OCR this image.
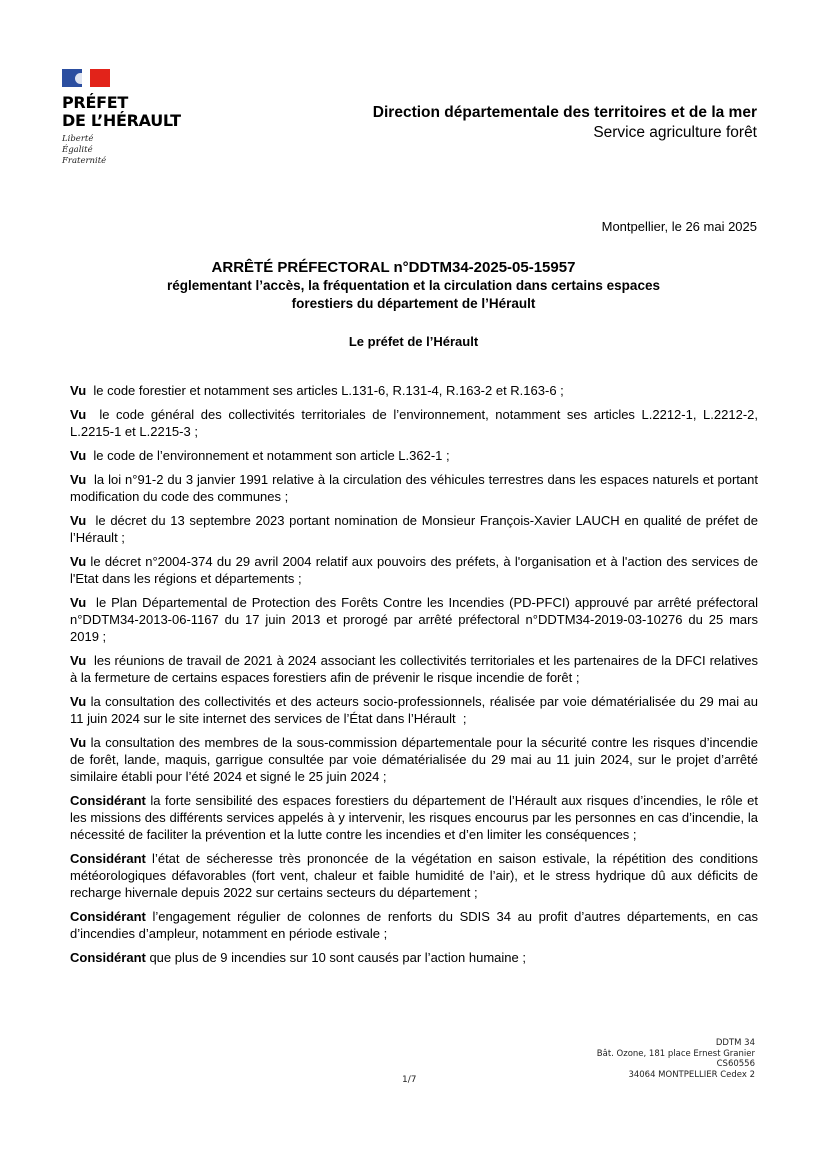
PRÉFET
DE L’HÉRAULT
Liberté
Égalité
Fraternité
Direction départementale des territoires et de la mer
Service agriculture forêt
Montpellier, le 26 mai 2025
ARRÊTÉ PRÉFECTORAL n°DDTM34-2025-05-15957
réglementant l’accès, la fréquentation et la circulation dans certains espaces
forestiers du département de l’Hérault
Le préfet de l’Hérault
Vu  le code forestier et notamment ses articles L.131-6, R.131-4, R.163-2 et R.163-6 ;
Vu  le code général des collectivités territoriales de l’environnement, notamment ses articles L.2212-1, L.2212-2, L.2215-1 et L.2215-3 ;
Vu  le code de l’environnement et notamment son article L.362-1 ;
Vu  la loi n°91-2 du 3 janvier 1991 relative à la circulation des véhicules terrestres dans les espaces naturels et portant modification du code des communes ;
Vu  le décret du 13 septembre 2023 portant nomination de Monsieur François-Xavier LAUCH en qualité de préfet de l’Hérault ;
Vu le décret n°2004-374 du 29 avril 2004 relatif aux pouvoirs des préfets, à l'organisation et à l'action des services de l'Etat dans les régions et départements ;
Vu  le Plan Départemental de Protection des Forêts Contre les Incendies (PD-PFCI) approuvé par arrêté préfectoral n°DDTM34-2013-06-1167 du 17 juin 2013 et prorogé par arrêté préfectoral n°DDTM34-2019-03-10276 du 25 mars 2019 ;
Vu  les réunions de travail de 2021 à 2024 associant les collectivités territoriales et les partenaires de la DFCI relatives à la fermeture de certains espaces forestiers afin de prévenir le risque incendie de forêt ;
Vu la consultation des collectivités et des acteurs socio-professionnels, réalisée par voie dématérialisée du 29 mai au 11 juin 2024 sur le site internet des services de l’État dans l’Hérault  ;
Vu la consultation des membres de la sous-commission départementale pour la sécurité contre les risques d’incendie de forêt, lande, maquis, garrigue consultée par voie dématérialisée du 29 mai au 11 juin 2024, sur le projet d’arrêté similaire établi pour l’été 2024 et signé le 25 juin 2024 ;
Considérant la forte sensibilité des espaces forestiers du département de l’Hérault aux risques d’incendies, le rôle et les missions des différents services appelés à y intervenir, les risques encourus par les personnes en cas d’incendie, la nécessité de faciliter la prévention et la lutte contre les incendies et d’en limiter les conséquences ;
Considérant l’état de sécheresse très prononcée de la végétation en saison estivale, la répétition des conditions météorologiques défavorables (fort vent, chaleur et faible humidité de l’air), et le stress hydrique dû aux déficits de recharge hivernale depuis 2022 sur certains secteurs du département ;
Considérant l’engagement régulier de colonnes de renforts du SDIS 34 au profit d’autres départements, en cas d’incendies d’ampleur, notamment en période estivale ;
Considérant que plus de 9 incendies sur 10 sont causés par l’action humaine ;
DDTM 34
Bât. Ozone, 181 place Ernest Granier
CS60556
34064 MONTPELLIER Cedex 2
1/7
